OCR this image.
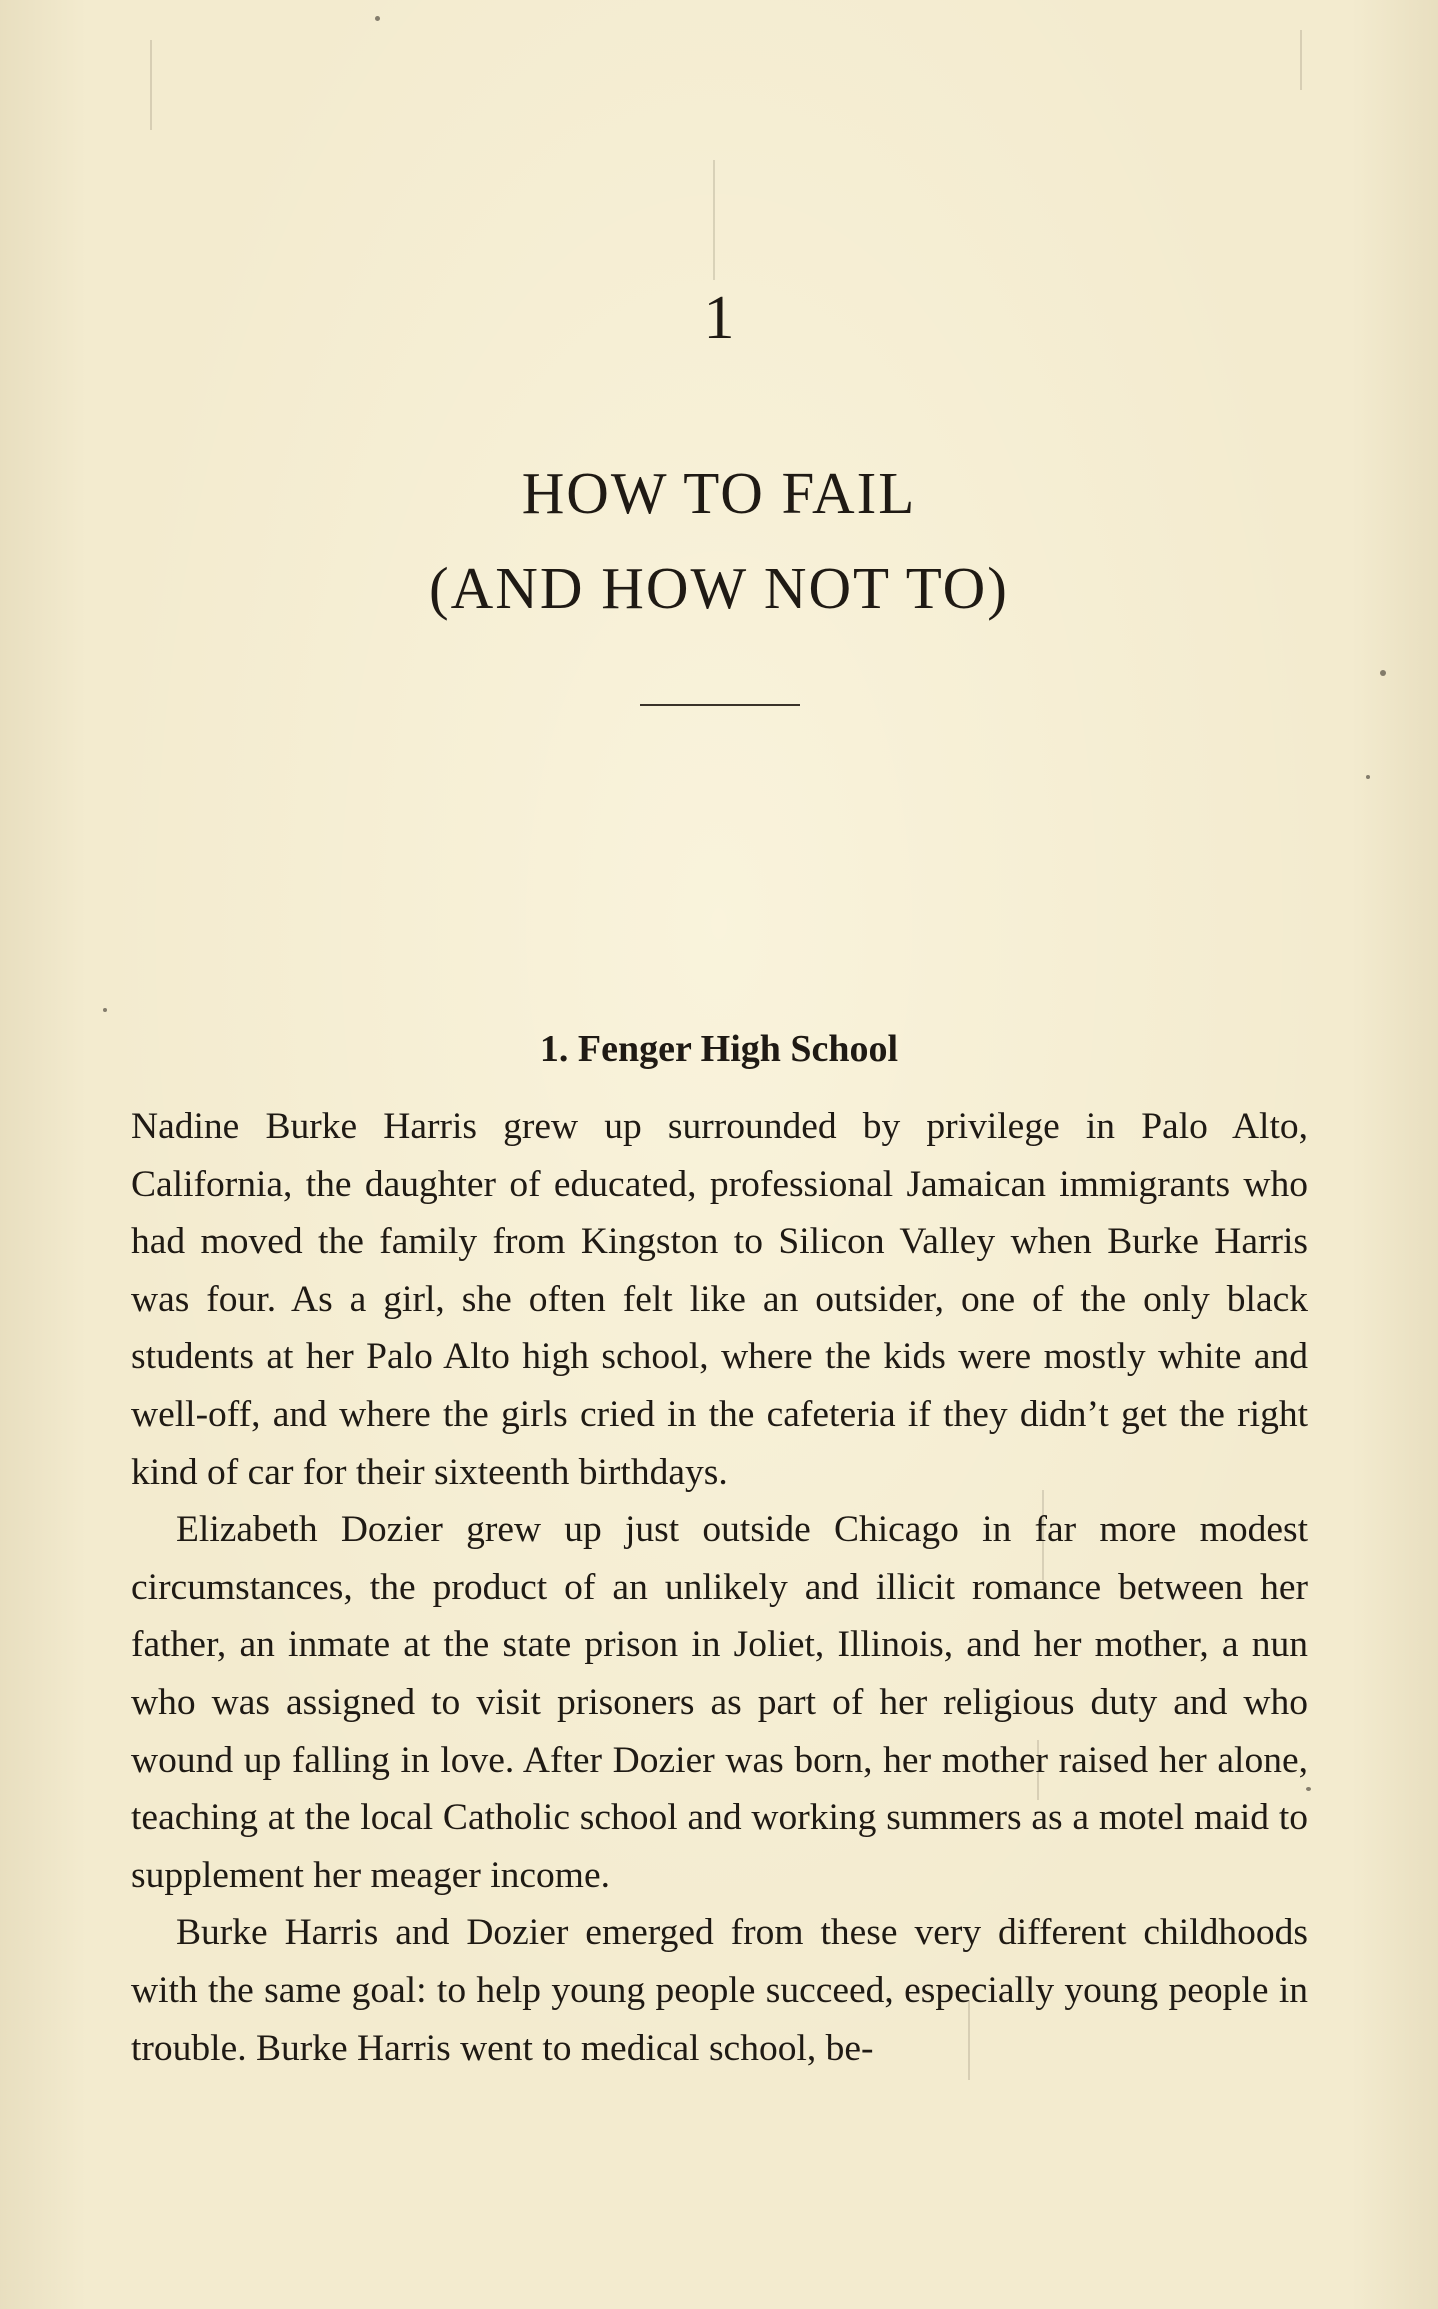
1
HOW TO FAIL
(AND HOW NOT TO)
1. Fenger High School

Nadine Burke Harris grew up surrounded by privilege in Palo Alto, California, the daughter of educated, professional Jamaican immigrants who had moved the family from Kingston to Silicon Valley when Burke Harris was four. As a girl, she often felt like an outsider, one of the only black students at her Palo Alto high school, where the kids were mostly white and well-off, and where the girls cried in the cafeteria if they didn’t get the right kind of car for their sixteenth birthdays.

Elizabeth Dozier grew up just outside Chicago in far more modest circumstances, the product of an unlikely and illicit romance between her father, an inmate at the state prison in Joliet, Illinois, and her mother, a nun who was assigned to visit prisoners as part of her religious duty and who wound up falling in love. After Dozier was born, her mother raised her alone, teaching at the local Catholic school and working summers as a motel maid to supplement her meager income.

Burke Harris and Dozier emerged from these very different childhoods with the same goal: to help young people succeed, especially young people in trouble. Burke Harris went to medical school, be-
